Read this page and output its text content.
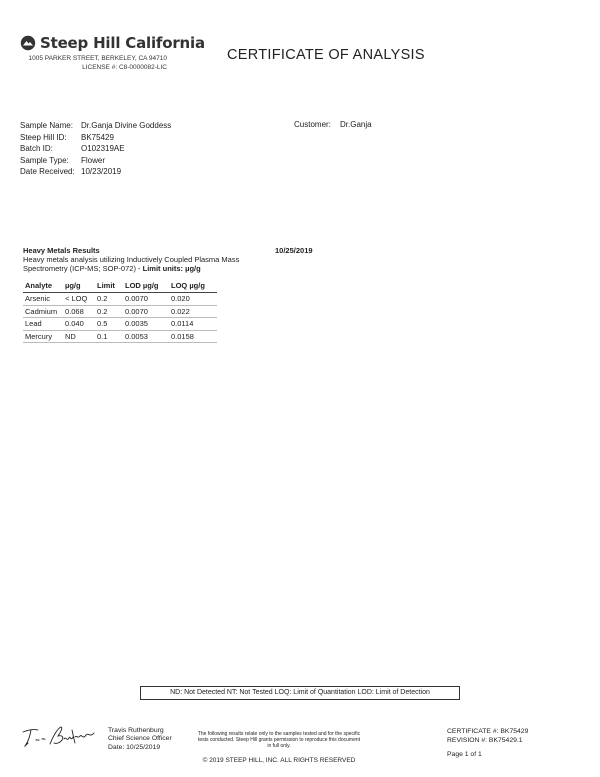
Steep Hill California
1005 PARKER STREET, BERKELEY, CA 94710
LICENSE #: C8-0000082-LIC
CERTIFICATE OF ANALYSIS
Sample Name:	Dr.Ganja Divine Goddess
Steep Hill ID:	BK75429
Batch ID:	O102319AE
Sample Type:	Flower
Date Received: 10/23/2019
Customer:	Dr.Ganja
Heavy Metals Results	10/25/2019
Heavy metals analysis utilizing Inductively Coupled Plasma Mass Spectrometry (ICP-MS; SOP-072) - Limit units: µg/g
Analyte	µg/g	Limit	LOD µg/g	LOQ µg/g
Arsenic	< LOQ	0.2	0.0070	0.020
Cadmium	0.068	0.2	0.0070	0.022
Lead	0.040	0.5	0.0035	0.0114
Mercury	ND	0.1	0.0053	0.0158
ND: Not Detected NT: Not Tested LOQ: Limit of Quantitation LOD: Limit of Detection
Travis Ruthenburg
Chief Science Officer
Date: 10/25/2019
The following results relate only to the samples tested and for the specific tests conducted. Steep Hill grants permission to reproduce this document in full only.
CERTIFICATE #: BK75429
REVISION #: BK75429.1
Page 1 of 1
© 2019 STEEP HILL, INC. ALL RIGHTS RESERVED
